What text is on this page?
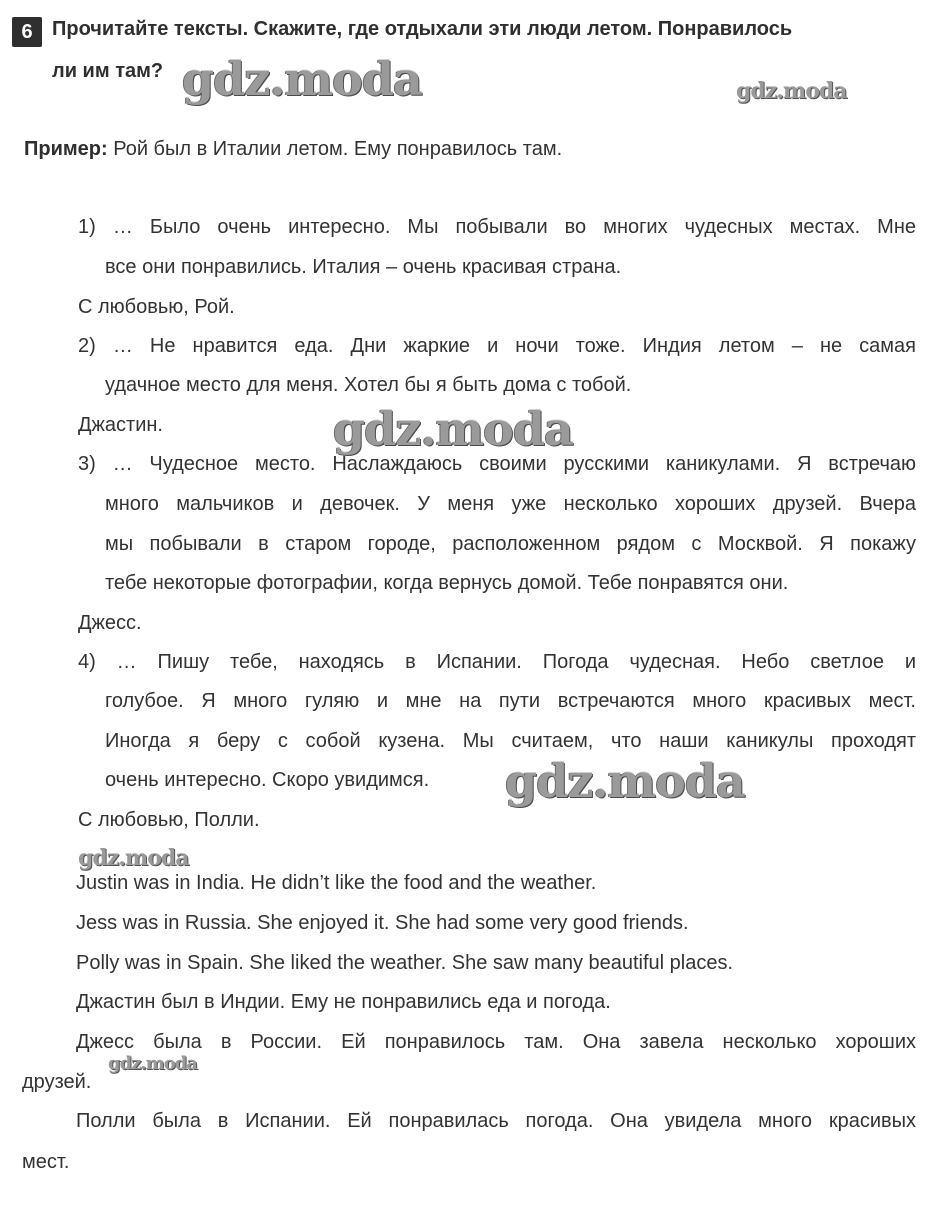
6 Прочитайте тексты. Скажите, где отдыхали эти люди летом. Понравилось
ли им там?
Пример: Рой был в Италии летом. Ему понравилось там.
1) … Было очень интересно. Мы побывали во многих чудесных местах. Мне
все они понравились. Италия – очень красивая страна.
С любовью, Рой.
2) … Не нравится еда. Дни жаркие и ночи тоже. Индия летом – не самая
удачное место для меня. Хотел бы я быть дома с тобой.
Джастин.
3) … Чудесное место. Наслаждаюсь своими русскими каникулами. Я встречаю
много мальчиков и девочек. У меня уже несколько хороших друзей. Вчера
мы побывали в старом городе, расположенном рядом с Москвой. Я покажу
тебе некоторые фотографии, когда вернусь домой. Тебе понравятся они.
Джесс.
4) … Пишу тебе, находясь в Испании. Погода чудесная. Небо светлое и
голубое. Я много гуляю и мне на пути встречаются много красивых мест.
Иногда я беру с собой кузена. Мы считаем, что наши каникулы проходят
очень интересно. Скоро увидимся.
С любовью, Полли.
Justin was in India. He didn’t like the food and the weather.
Jess was in Russia. She enjoyed it. She had some very good friends.
Polly was in Spain. She liked the weather. She saw many beautiful places.
Джастин был в Индии. Ему не понравились еда и погода.
Джесс была в России. Ей понравилось там. Она завела несколько хороших
друзей.
Полли была в Испании. Ей понравилась погода. Она увидела много красивых
мест.
gdz.moda	gdz.moda
gdz.moda
gdz.moda
gdz.moda
gdz.moda
